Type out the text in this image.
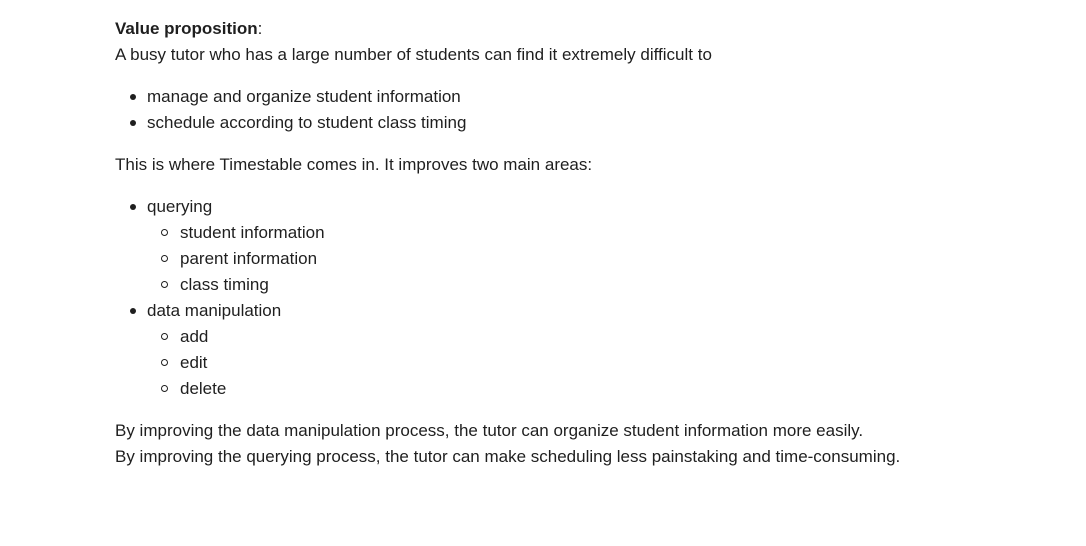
Value proposition:

A busy tutor who has a large number of students can find it extremely difficult to

manage and organize student information
schedule according to student class timing

This is where Timestable comes in. It improves two main areas:

querying
student information
parent information
class timing
data manipulation
add
edit
delete

By improving the data manipulation process, the tutor can organize student information more easily.
By improving the querying process, the tutor can make scheduling less painstaking and time-consuming.
